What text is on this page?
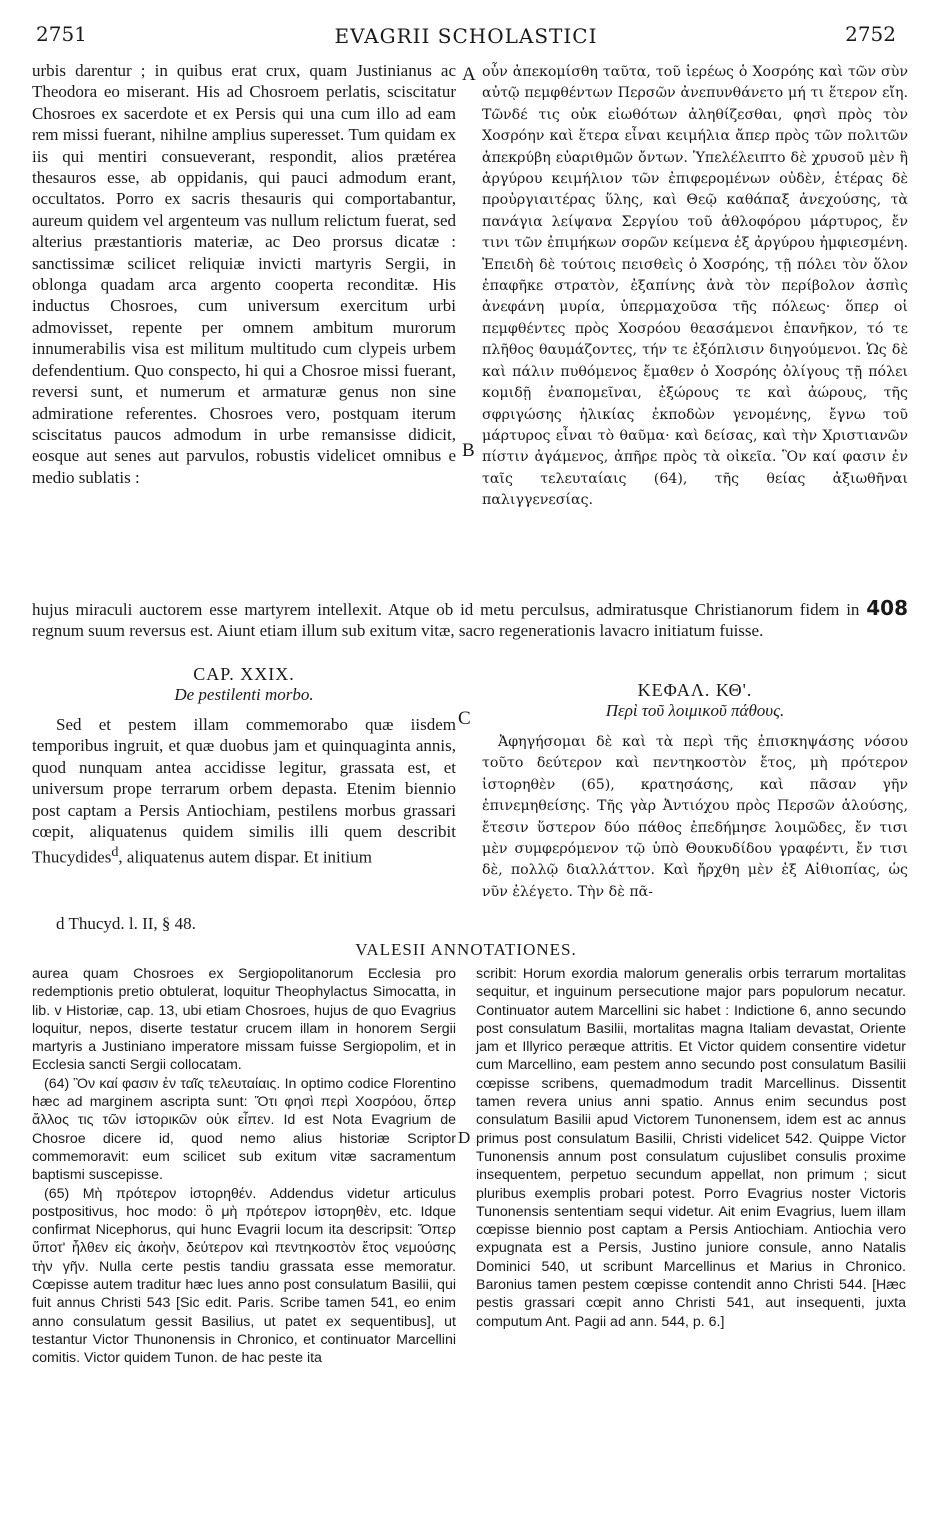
2751	EVAGRII SCHOLASTICI	2752

urbis darentur ; in quibus erat crux, quam Justinianus ac Theodora eo miserant. His ad Chosroem perlatis, sciscitatur Chosroes ex sacerdote et ex Persis qui una cum illo ad eam rem missi fuerant, nihilne amplius superesset. Tum quidam ex iis qui mentiri consueverant, respondit, alios prætérea thesauros esse, ab oppidanis, qui pauci admodum erant, occultatos. Porro ex sacris thesauris qui comportabantur, aureum quidem vel argenteum vas nullum relictum fuerat, sed alterius præstantioris materiæ, ac Deo prorsus dicatæ : sanctissimæ scilicet reliquiæ invicti martyris Sergii, in oblonga quadam arca argento cooperta reconditæ. His inductus Chosroes, cum universum exercitum urbi admovisset, repente per omnem ambitum murorum innumerabilis visa est militum multitudo cum clypeis urbem defendentium. Quo conspecto, hi qui a Chosroe missi fuerant, reversi sunt, et numerum et armaturæ genus non sine admiratione referentes. Chosroes vero, postquam iterum sciscitatus paucos admodum in urbe remansisse didicit, eosque aut senes aut parvulos, robustis videlicet omnibus e medio sublatis :

A
B

οὖν ἀπεκομίσθη ταῦτα, τοῦ ἱερέως ὁ Χοσρόης καὶ τῶν σὺν αὐτῷ πεμφθέντων Περσῶν ἀνεπυνθάνετο μή τι ἕτερον εἴη. Τῶνδέ τις οὐκ εἰωθότων ἀληθίζεσθαι, φησὶ πρὸς τὸν Χοσρόην καὶ ἕτερα εἶναι κειμήλια ἄπερ πρὸς τῶν πολιτῶν ἀπεκρύβη εὐαριθμῶν ὄντων. Ὑπελέλειπτο δὲ χρυσοῦ μὲν ἢ ἀργύρου κειμήλιον τῶν ἐπιφερομένων οὐδὲν, ἑτέρας δὲ προὐργιαιτέρας ὕλης, καὶ Θεῷ καθάπαξ ἀνεχούσης, τὰ πανάγια λείψανα Σεργίου τοῦ ἀθλοφόρου μάρτυρος, ἔν τινι τῶν ἐπιμήκων σορῶν κείμενα ἐξ ἀργύρου ἠμφιεσμένη. Ἐπειδὴ δὲ τούτοις πεισθεὶς ὁ Χοσρόης, τῇ πόλει τὸν ὅλον ἐπαφῆκε στρατὸν, ἐξαπίνης ἀνὰ τὸν περίβολον ἀσπὶς ἀνεφάνη μυρία, ὑπερμαχοῦσα τῆς πόλεως· ὅπερ οἱ πεμφθέντες πρὸς Χοσρόου θεασάμενοι ἐπανῆκον, τό τε πλῆθος θαυμάζοντες, τήν τε ἐξόπλισιν διηγούμενοι. Ὡς δὲ καὶ πάλιν πυθόμενος ἔμαθεν ὁ Χοσρόης ὀλίγους τῇ πόλει κομιδῇ ἐναπομεῖναι, ἐξώρους τε καὶ ἀώρους, τῆς σφριγώσης ἡλικίας ἐκποδὼν γενομένης, ἔγνω τοῦ μάρτυρος εἶναι τὸ θαῦμα· καὶ δείσας, καὶ τὴν Χριστιανῶν πίστιν ἀγάμενος, ἀπῆρε πρὸς τὰ οἰκεῖα. Ὃν καί φασιν ἐν ταῖς τελευταίαις (64), τῆς θείας ἀξιωθῆναι παλιγγενεσίας.

hujus miraculi auctorem esse martyrem intellexit. Atque ob id metu perculsus, admiratusque Christianorum fidem in 408 regnum suum reversus est. Aiunt etiam illum sub exitum vitæ, sacro regenerationis lavacro initiatum fuisse.
CAP. XXIX.
De pestilenti morbo.
C
ΚΕΦΑΛ. ΚΘ'.
Περὶ τοῦ λοιμικοῦ πάθους.

Sed et pestem illam commemorabo quæ iisdem temporibus ingruit, et quæ duobus jam et quinquaginta annis, quod nunquam antea accidisse legitur, grassata est, et universum prope terrarum orbem depasta. Etenim biennio post captam a Persis Antiochiam, pestilens morbus grassari cœpit, aliquatenus quidem similis illi quem describit Thucydides$^d$, aliquatenus autem dispar. Et initium

Ἀφηγήσομαι δὲ καὶ τὰ περὶ τῆς ἐπισκηψάσης νόσου τοῦτο δεύτερον καὶ πεντηκοστὸν ἔτος, μὴ πρότερον ἱστορηθὲν (65), κρατησάσης, καὶ πᾶσαν γῆν ἐπινεμηθείσης. Τῆς γὰρ Ἀντιόχου πρὸς Περσῶν ἁλούσης, ἔτεσιν ὕστερον δύο πάθος ἐπεδήμησε λοιμῶδες, ἔν τισι μὲν συμφερόμενον τῷ ὑπὸ Θουκυδίδου γραφέντι, ἔν τισι δὲ, πολλῷ διαλλάττον. Καὶ ἤρχθη μὲν ἐξ Αἰθιοπίας, ὡς νῦν ἐλέγετο. Τὴν δὲ πᾶ-

d Thucyd. l. II, § 48.
VALESII ANNOTATIONES.

aurea quam Chosroes ex Sergiopolitanorum Ecclesia pro redemptionis pretio obtulerat, loquitur Theophylactus Simocatta, in lib. v Historiæ, cap. 13, ubi etiam Chosroes, hujus de quo Evagrius loquitur, nepos, diserte testatur crucem illam in honorem Sergii martyris a Justiniano imperatore missam fuisse Sergiopolim, et in Ecclesia sancti Sergii collocatam.

(64) Ὃν καί φασιν ἐν ταῖς τελευταίαις. In optimo codice Florentino hæc ad marginem ascripta sunt: Ὅτι φησὶ περὶ Χοσρόου, ὅπερ ἄλλος τις τῶν ἱστορικῶν οὐκ εἶπεν. Id est Nota Evagrium de Chosroe dicere id, quod nemo alius historiæ Scriptor commemoravit: eum scilicet sub exitum vitæ sacramentum baptismi suscepisse.

(65) Μὴ πρότερον ἱστορηθέν. Addendus videtur articulus postpositivus, hoc modo: ὃ μὴ πρότερον ἱστορηθὲν, etc. Idque confirmat Nicephorus, qui hunc Evagrii locum ita descripsit: Ὅπερ ὕποτ' ἦλθεν εἰς ἀκοὴν, δεύτερον καὶ πεντηκοστὸν ἔτος νεμούσης τὴν γῆν. Nulla certe pestis tandiu grassata esse memoratur. Cœpisse autem traditur hæc lues anno post consulatum Basilii, qui fuit annus Christi 543 [Sic edit. Paris. Scribe tamen 541, eo enim anno consulatum gessit Basilius, ut patet ex sequentibus], ut testantur Victor Thunonensis in Chronico, et continuator Marcellini comitis. Victor quidem Tunon. de hac peste ita

D

scribit: Horum exordia malorum generalis orbis terrarum mortalitas sequitur, et inguinum persecutione major pars populorum necatur. Continuator autem Marcellini sic habet : Indictione 6, anno secundo post consulatum Basilii, mortalitas magna Italiam devastat, Oriente jam et Illyrico peræque attritis. Et Victor quidem consentire videtur cum Marcellino, eam pestem anno secundo post consulatum Basilii cœpisse scribens, quemadmodum tradit Marcellinus. Dissentit tamen revera unius anni spatio. Annus enim secundus post consulatum Basilii apud Victorem Tunonensem, idem est ac annus primus post consulatum Basilii, Christi videlicet 542. Quippe Victor Tunonensis annum post consulatum cujuslibet consulis proxime insequentem, perpetuo secundum appellat, non primum ; sicut pluribus exemplis probari potest. Porro Evagrius noster Victoris Tunonensis sententiam sequi videtur. Ait enim Evagrius, luem illam cœpisse biennio post captam a Persis Antiochiam. Antiochia vero expugnata est a Persis, Justino juniore consule, anno Natalis Dominici 540, ut scribunt Marcellinus et Marius in Chronico. Baronius tamen pestem cœpisse contendit anno Christi 544. [Hæc pestis grassari cœpit anno Christi 541, aut insequenti, juxta computum Ant. Pagii ad ann. 544, p. 6.]
